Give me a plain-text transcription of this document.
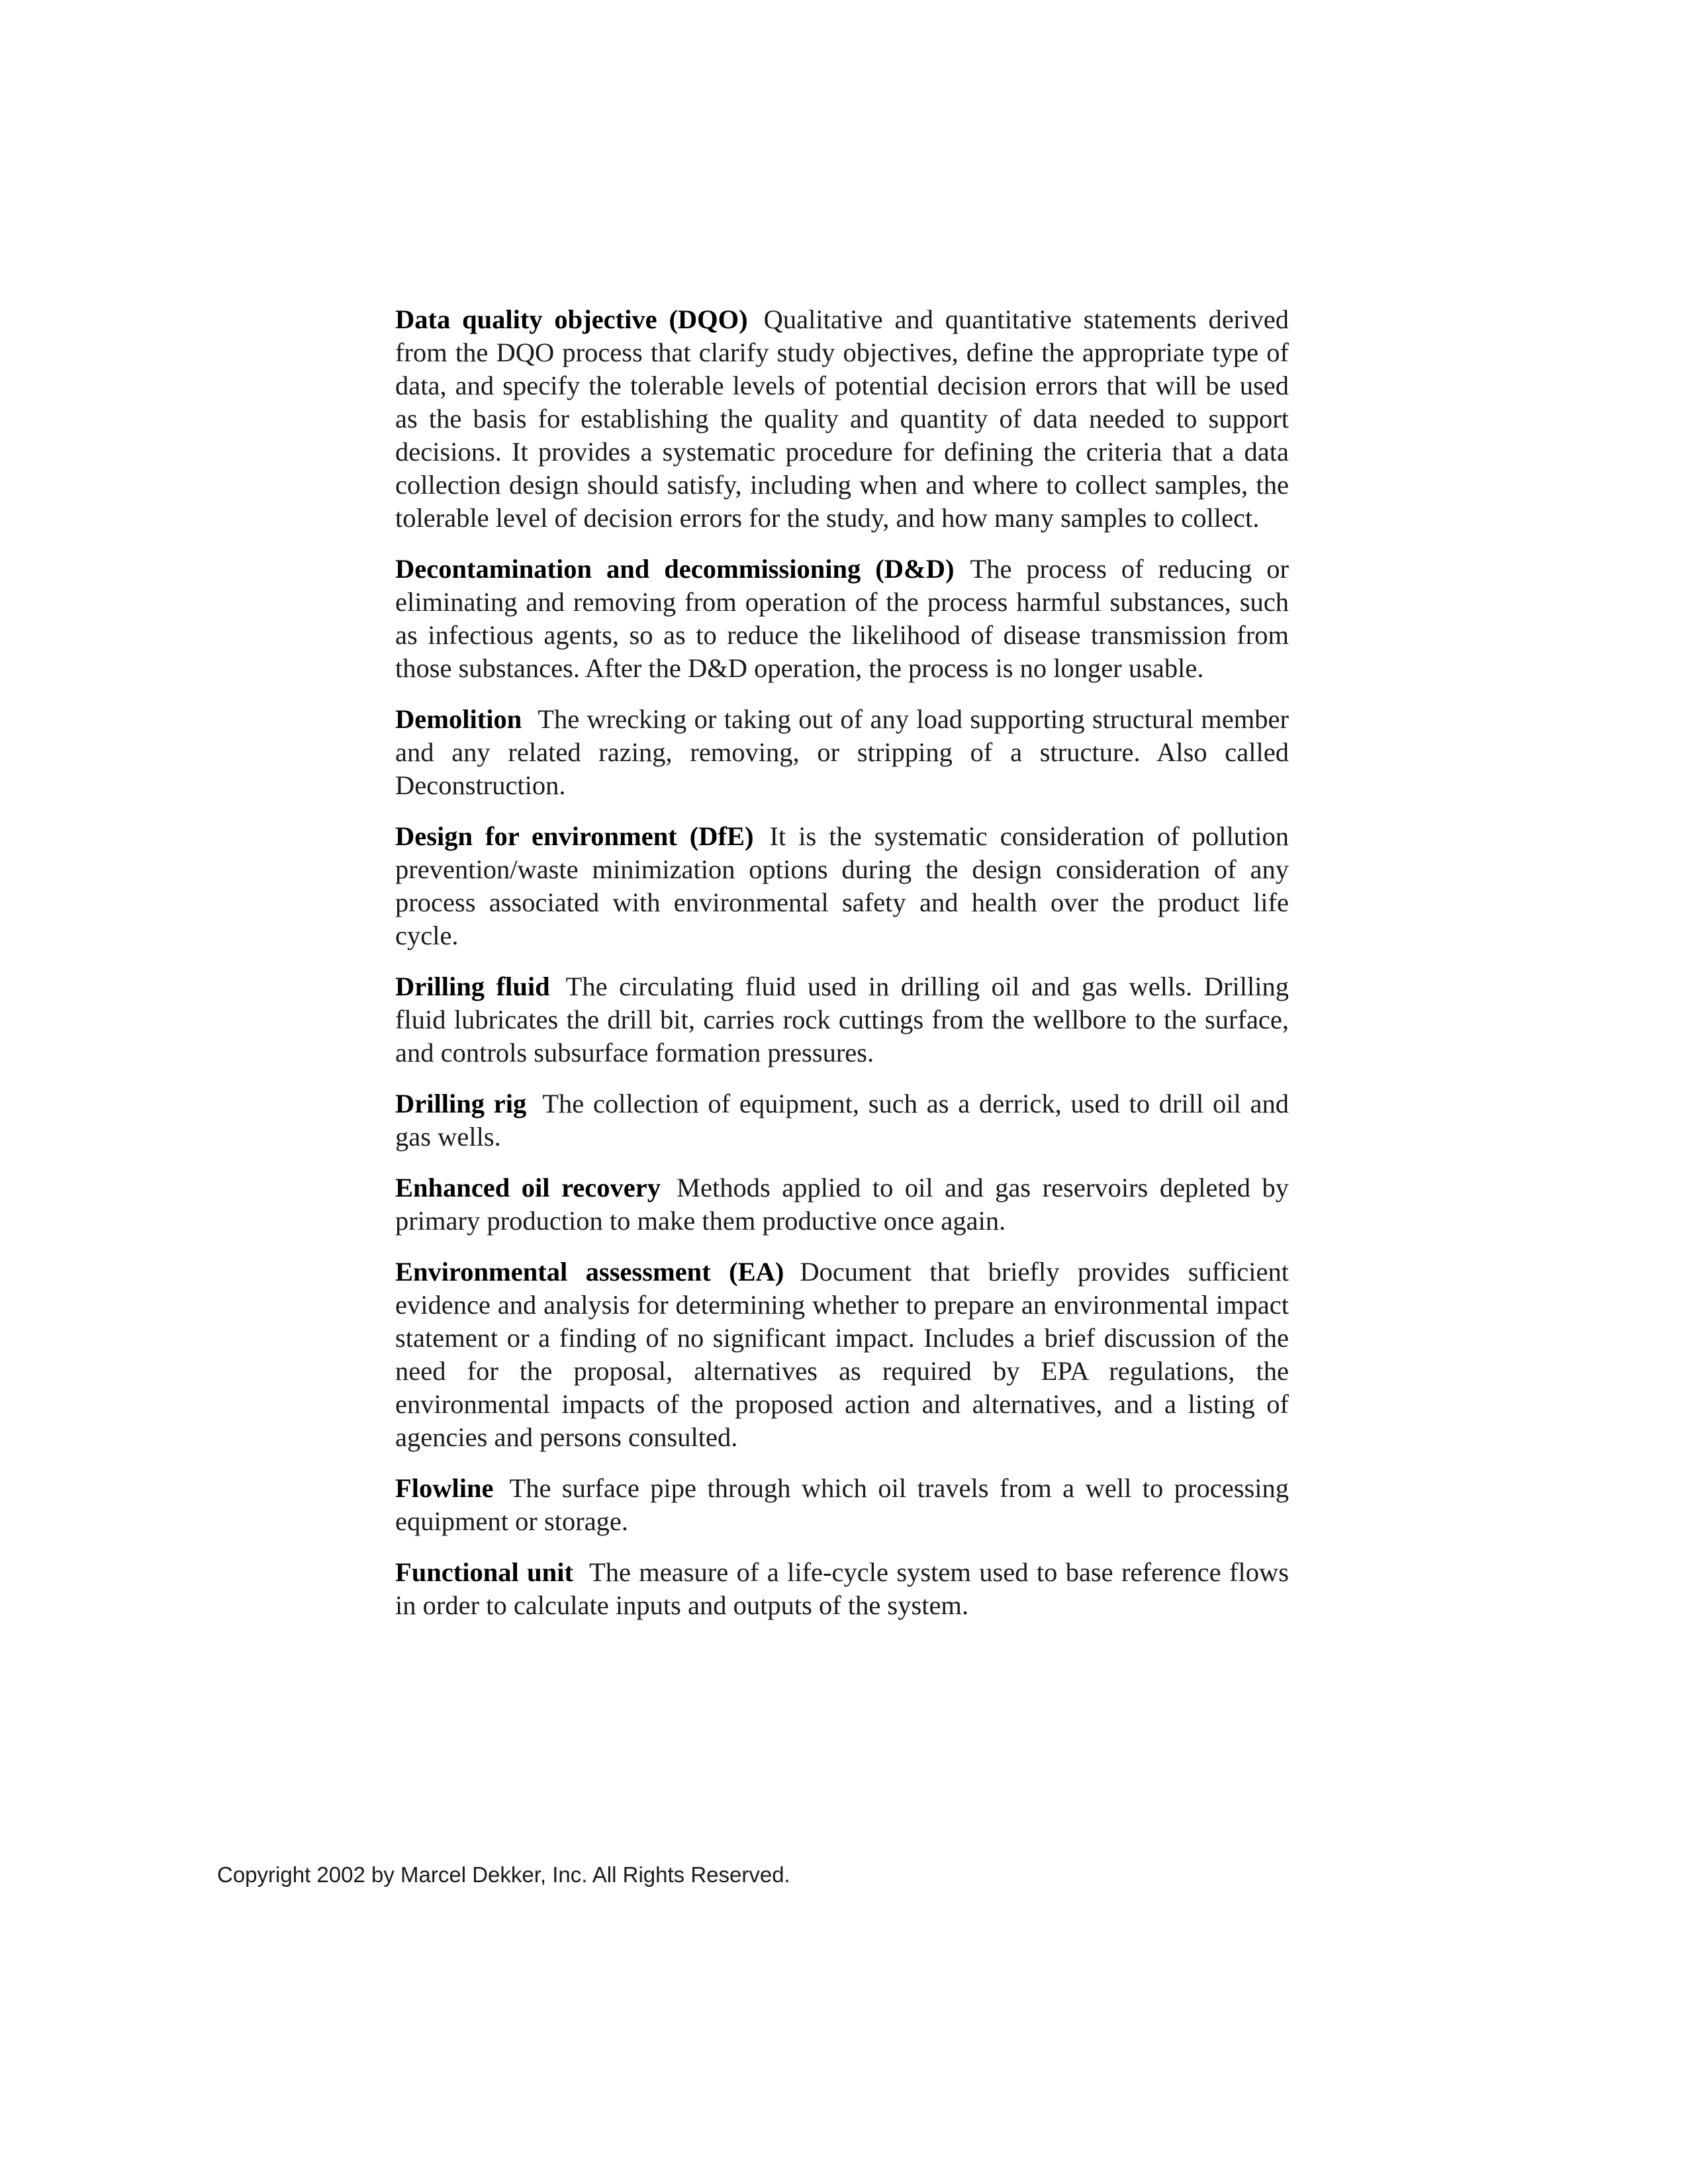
Data quality objective (DQO) Qualitative and quantitative statements derived from the DQO process that clarify study objectives, define the appropriate type of data, and specify the tolerable levels of potential decision errors that will be used as the basis for establishing the quality and quantity of data needed to support decisions. It provides a systematic procedure for defining the criteria that a data collection design should satisfy, including when and where to collect samples, the tolerable level of decision errors for the study, and how many samples to collect.

Decontamination and decommissioning (D&D) The process of reducing or eliminating and removing from operation of the process harmful substances, such as infectious agents, so as to reduce the likelihood of disease transmission from those substances. After the D&D operation, the process is no longer usable.

Demolition The wrecking or taking out of any load supporting structural member and any related razing, removing, or stripping of a structure. Also called Deconstruction.

Design for environment (DfE) It is the systematic consideration of pollution prevention/waste minimization options during the design consideration of any process associated with environmental safety and health over the product life cycle.

Drilling fluid The circulating fluid used in drilling oil and gas wells. Drilling fluid lubricates the drill bit, carries rock cuttings from the wellbore to the surface, and controls subsurface formation pressures.

Drilling rig The collection of equipment, such as a derrick, used to drill oil and gas wells.

Enhanced oil recovery Methods applied to oil and gas reservoirs depleted by primary production to make them productive once again.

Environmental assessment (EA) Document that briefly provides sufficient evidence and analysis for determining whether to prepare an environmental impact statement or a finding of no significant impact. Includes a brief discussion of the need for the proposal, alternatives as required by EPA regulations, the environmental impacts of the proposed action and alternatives, and a listing of agencies and persons consulted.

Flowline The surface pipe through which oil travels from a well to processing equipment or storage.

Functional unit The measure of a life-cycle system used to base reference flows in order to calculate inputs and outputs of the system.

Copyright 2002 by Marcel Dekker, Inc. All Rights Reserved.
